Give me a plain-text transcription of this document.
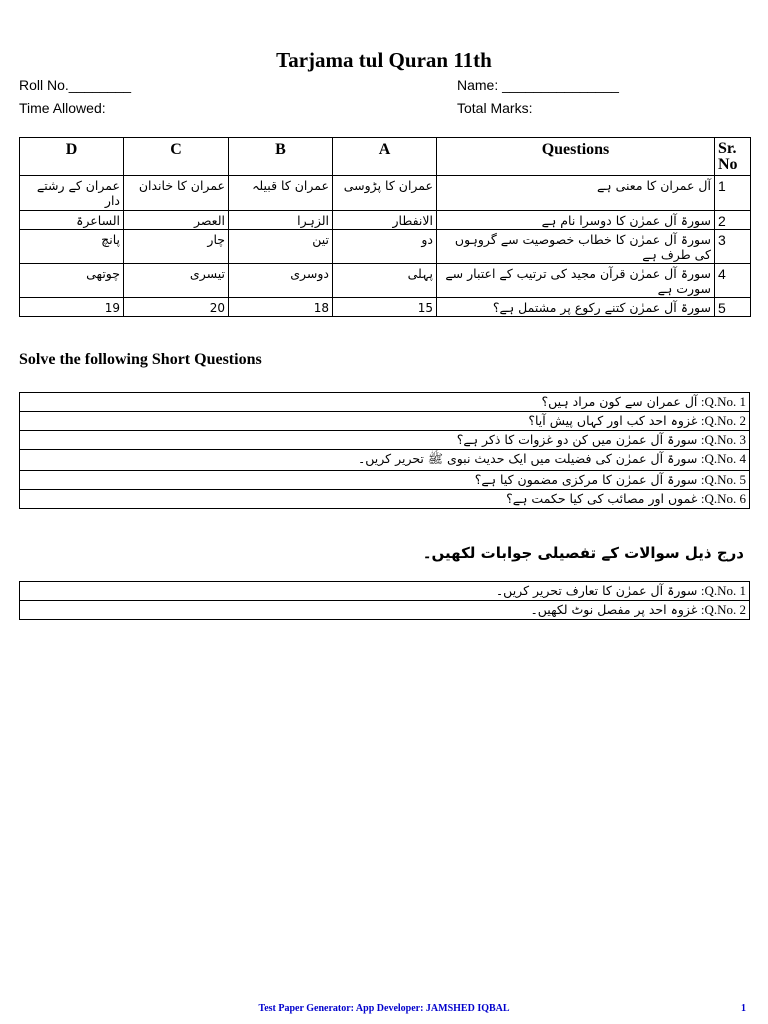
Tarjama tul Quran 11th
Roll No.________	Name: _______________
Time Allowed:	Total Marks:
D	C	B	A	Questions	Sr. No
عمران کے رشتے دار	عمران کا خاندان	عمران کا قبیلہ	عمران کا پڑوسی	آل عمران کا معنی ہے	1
الساعرۃ	العصر	الزہرا	الانفطار	سورۃ آل عمرٰن کا دوسرا نام ہے	2
پانچ	چار	تین	دو	سورۃ آل عمرٰن کا خطاب خصوصیت سے گروہوں کی طرف ہے	3
چوتھی	تیسری	دوسری	پہلی	سورۃ آل عمرٰن قرآن مجید کی ترتیب کے اعتبار سے سورت ہے	4
19	20	18	15	سورۃ آل عمرٰن کتنے رکوع پر مشتمل ہے؟	5
Solve the following Short Questions
آل عمران سے کون مراد ہیں؟ :Q.No. 1
غزوہ احد کب اور کہاں پیش آیا؟ :Q.No. 2
سورۃ آل عمرٰن میں کن دو غزوات کا ذکر ہے؟ :Q.No. 3
سورۃ آل عمرٰن کی فضیلت میں ایک حدیث نبوی ﷺ تحریر کریں۔ :Q.No. 4
سورۃ آل عمرٰن کا مرکزی مضمون کیا ہے؟ :Q.No. 5
غموں اور مصائب کی کیا حکمت ہے؟ :Q.No. 6
درج ذیل سوالات کے تفصیلی جوابات لکھیں۔
سورۃ آل عمرٰن کا تعارف تحریر کریں۔ :Q.No. 1
غزوہ احد پر مفصل نوٹ لکھیں۔ :Q.No. 2
Test Paper Generator: App Developer: JAMSHED IQBAL	1
